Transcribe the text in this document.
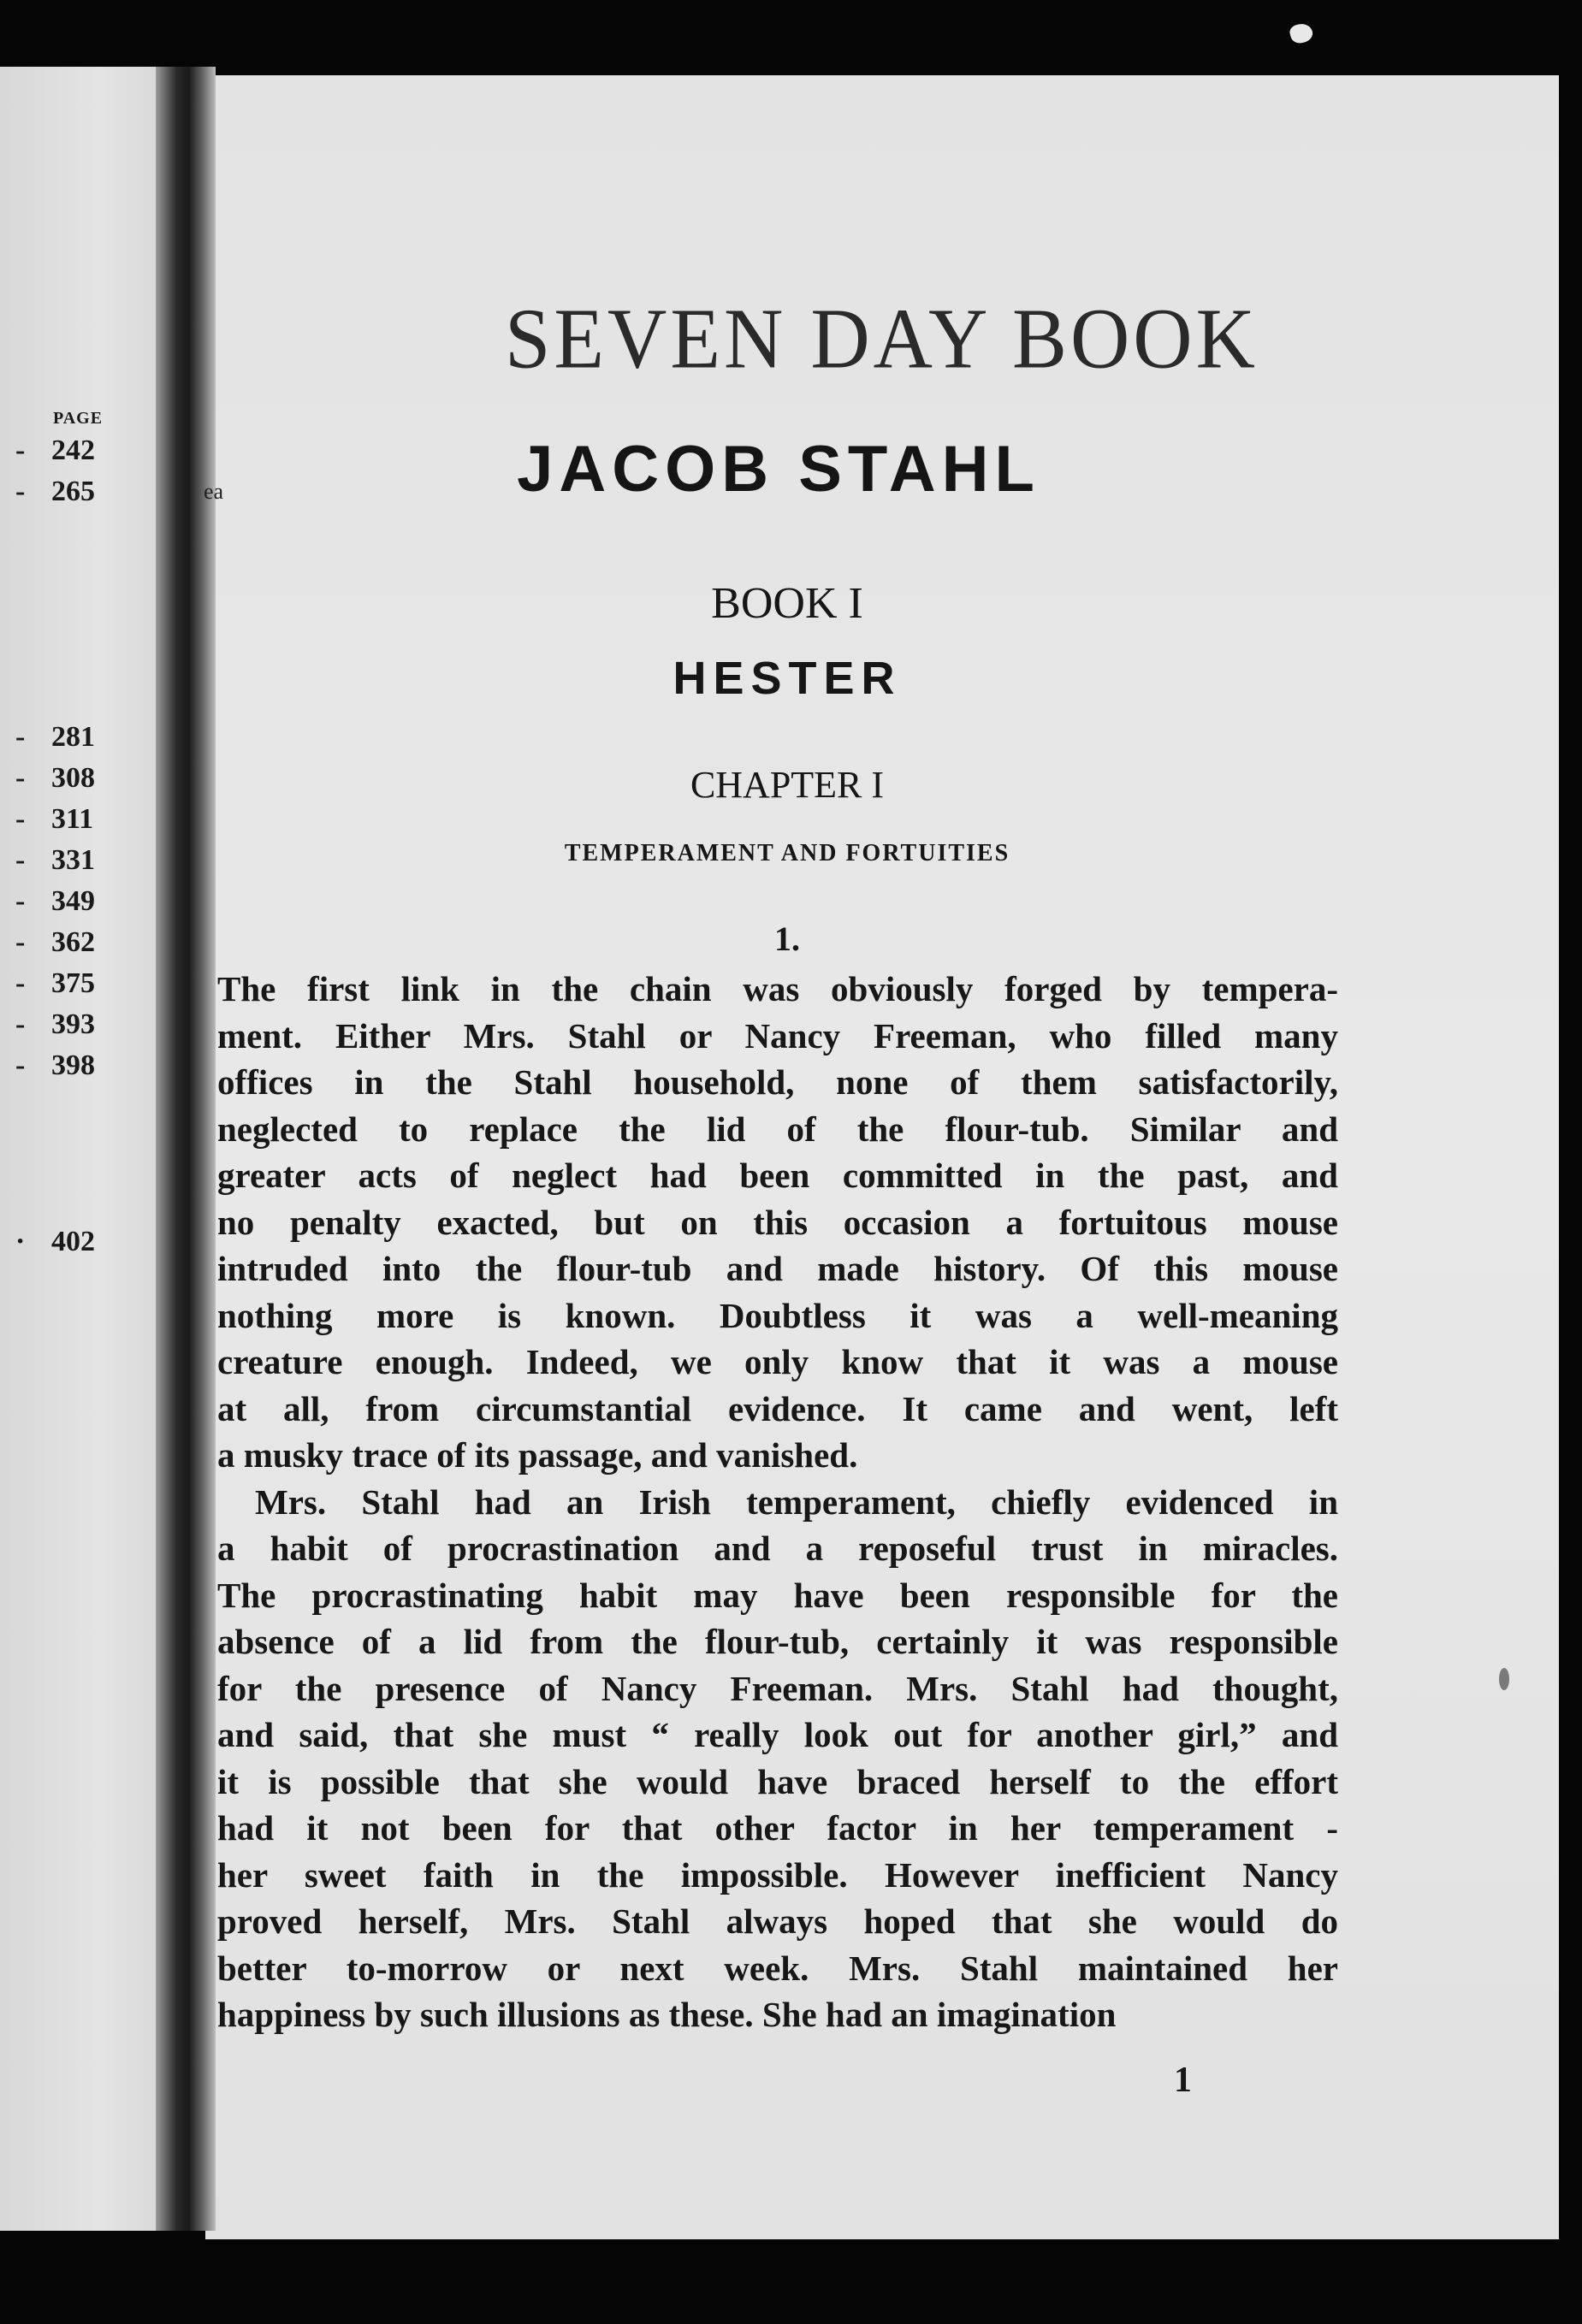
PAGE
- 242
- 265
- 281
- 308
- 311
- 331
- 349
- 362
- 375
- 393
- 398
· 402
ea
SEVEN DAY BOOK
JACOB STAHL
BOOK I
HESTER
CHAPTER I
TEMPERAMENT AND FORTUITIES
1.
The first link in the chain was obviously forged by tempera-
ment. Either Mrs. Stahl or Nancy Freeman, who filled many
offices in the Stahl household, none of them satisfactorily,
neglected to replace the lid of the flour-tub. Similar and
greater acts of neglect had been committed in the past, and
no penalty exacted, but on this occasion a fortuitous mouse
intruded into the flour-tub and made history. Of this mouse
nothing more is known. Doubtless it was a well-meaning
creature enough. Indeed, we only know that it was a mouse
at all, from circumstantial evidence. It came and went, left
a musky trace of its passage, and vanished.
Mrs. Stahl had an Irish temperament, chiefly evidenced in
a habit of procrastination and a reposeful trust in miracles.
The procrastinating habit may have been responsible for the
absence of a lid from the flour-tub, certainly it was responsible
for the presence of Nancy Freeman. Mrs. Stahl had thought,
and said, that she must “ really look out for another girl,” and
it is possible that she would have braced herself to the effort
had it not been for that other factor in her temperament -
her sweet faith in the impossible. However inefficient Nancy
proved herself, Mrs. Stahl always hoped that she would do
better to-morrow or next week. Mrs. Stahl maintained her
happiness by such illusions as these. She had an imagination
1
